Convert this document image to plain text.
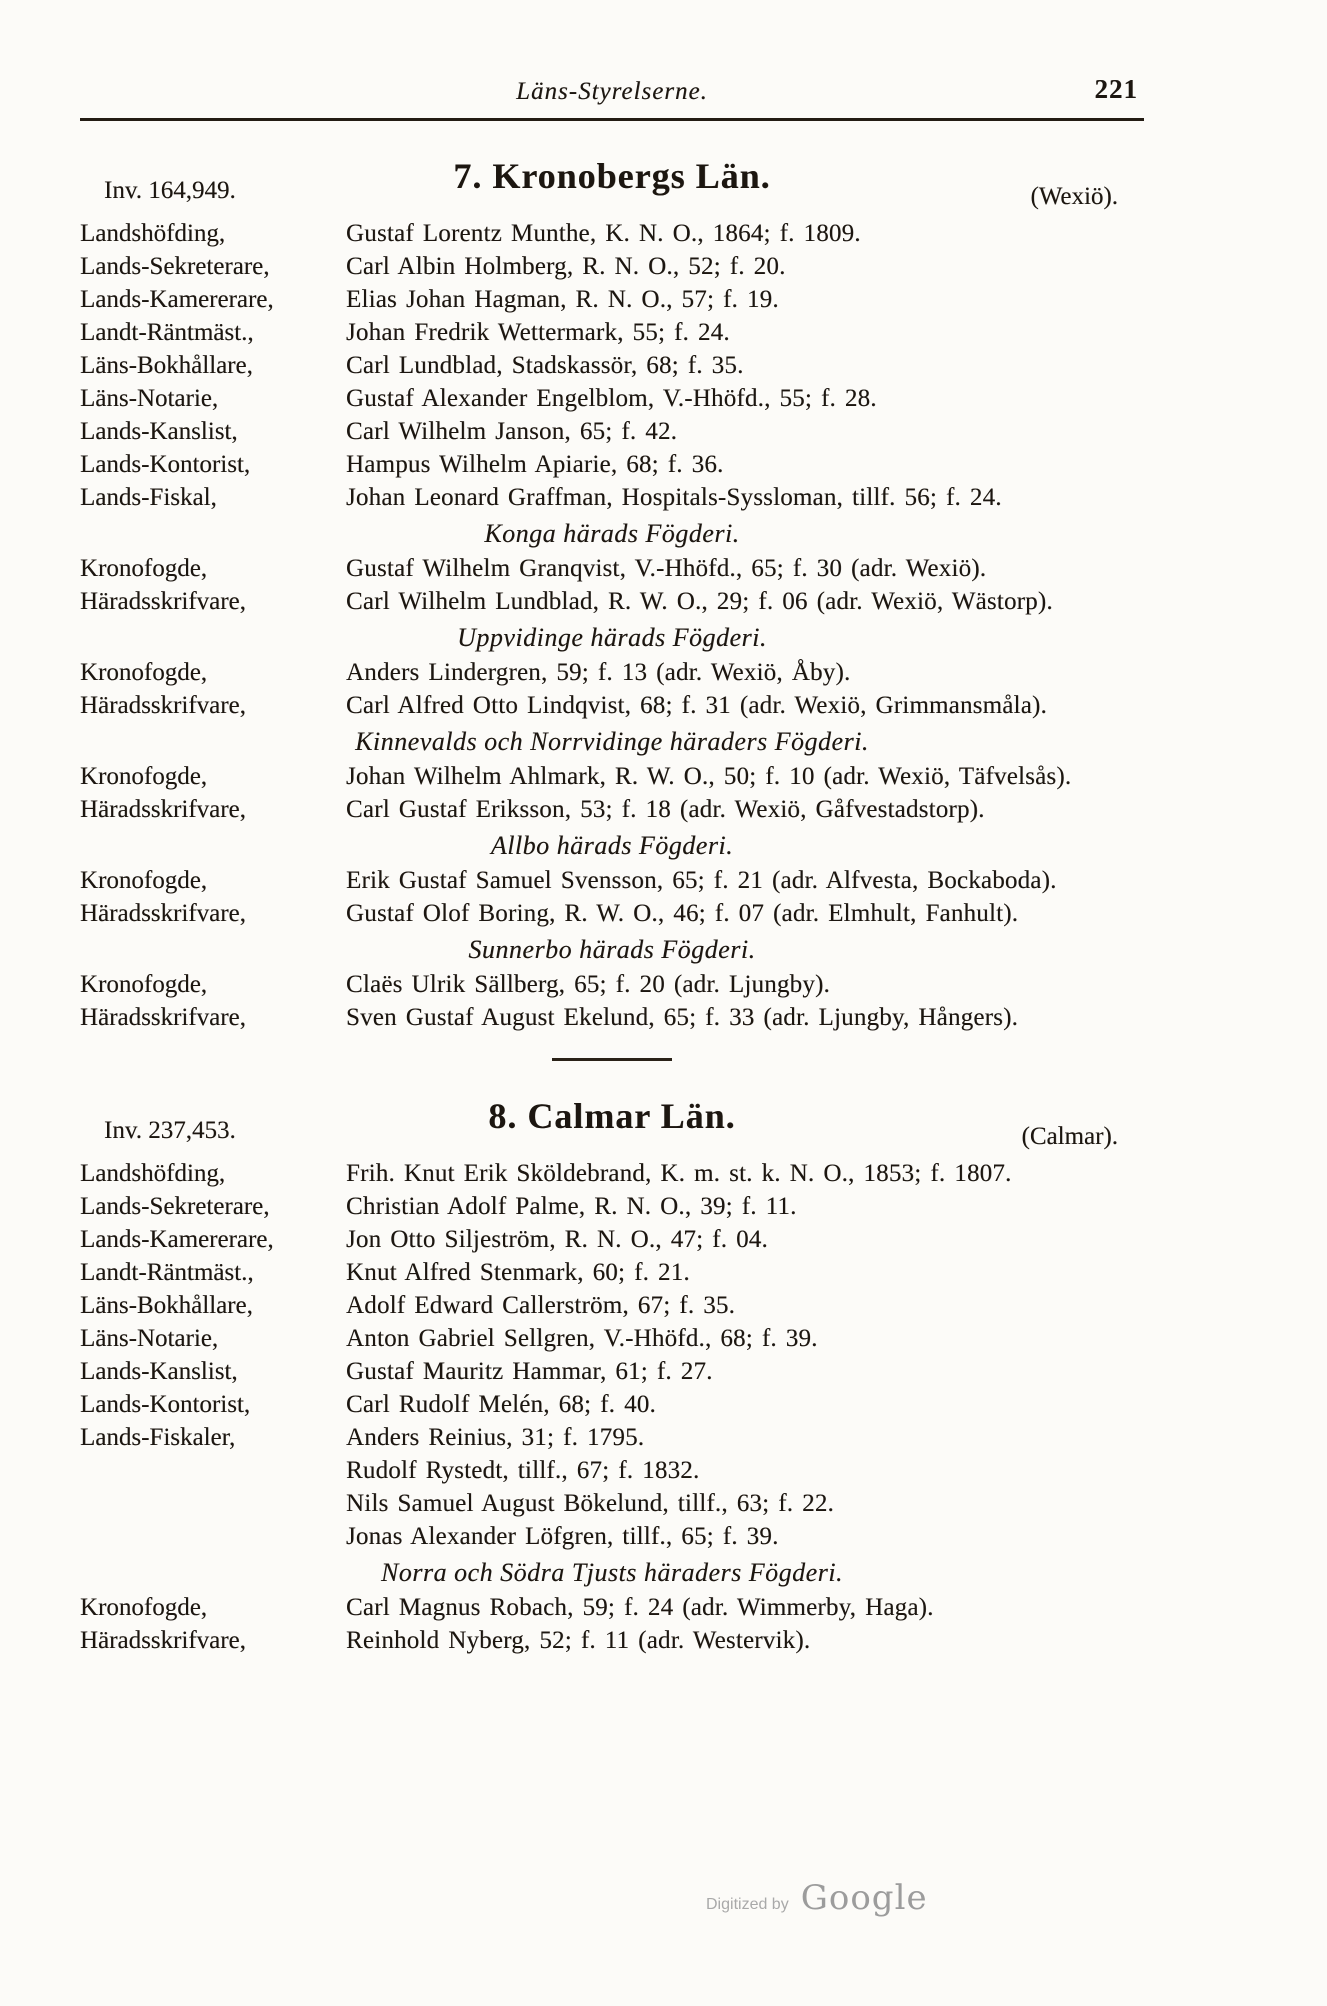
Läns-Styrelserne.	221
Inv. 164,949.	7. Kronobergs Län.
(Wexiö).
Landshöfding,	Gustaf Lorentz Munthe, K. N. O., 1864; f. 1809.
Lands-Sekreterare,	Carl Albin Holmberg, R. N. O., 52; f. 20.
Lands-Kamererare,	Elias Johan Hagman, R. N. O., 57; f. 19.
Landt-Räntmäst.,	Johan Fredrik Wettermark, 55; f. 24.
Läns-Bokhållare,	Carl Lundblad, Stadskassör, 68; f. 35.
Läns-Notarie,	Gustaf Alexander Engelblom, V.-Hhöfd., 55; f. 28.
Lands-Kanslist,	Carl Wilhelm Janson, 65; f. 42.
Lands-Kontorist,	Hampus Wilhelm Apiarie, 68; f. 36.
Lands-Fiskal,	Johan Leonard Graffman, Hospitals-Syssloman, tillf. 56; f. 24.
Konga härads Fögderi.
Kronofogde,	Gustaf Wilhelm Granqvist, V.-Hhöfd., 65; f. 30 (adr. Wexiö).
Häradsskrifvare,	Carl Wilhelm Lundblad, R. W. O., 29; f. 06 (adr. Wexiö, Wästorp).
Uppvidinge härads Fögderi.
Kronofogde,	Anders Lindergren, 59; f. 13 (adr. Wexiö, Åby).
Häradsskrifvare,	Carl Alfred Otto Lindqvist, 68; f. 31 (adr. Wexiö, Grimmansmåla).
Kinnevalds och Norrvidinge häraders Fögderi.
Kronofogde,	Johan Wilhelm Ahlmark, R. W. O., 50; f. 10 (adr. Wexiö, Täfvelsås).
Häradsskrifvare,	Carl Gustaf Eriksson, 53; f. 18 (adr. Wexiö, Gåfvestadstorp).
Allbo härads Fögderi.
Kronofogde,	Erik Gustaf Samuel Svensson, 65; f. 21 (adr. Alfvesta, Bockaboda).
Häradsskrifvare,	Gustaf Olof Boring, R. W. O., 46; f. 07 (adr. Elmhult, Fanhult).
Sunnerbo härads Fögderi.
Kronofogde,	Claës Ulrik Sällberg, 65; f. 20 (adr. Ljungby).
Häradsskrifvare,	Sven Gustaf August Ekelund, 65; f. 33 (adr. Ljungby, Hångers).
Inv. 237,453.	8. Calmar Län.
(Calmar).
Landshöfding,	Frih. Knut Erik Sköldebrand, K. m. st. k. N. O., 1853; f. 1807.
Lands-Sekreterare,	Christian Adolf Palme, R. N. O., 39; f. 11.
Lands-Kamererare,	Jon Otto Siljeström, R. N. O., 47; f. 04.
Landt-Räntmäst.,	Knut Alfred Stenmark, 60; f. 21.
Läns-Bokhållare,	Adolf Edward Callerström, 67; f. 35.
Läns-Notarie,	Anton Gabriel Sellgren, V.-Hhöfd., 68; f. 39.
Lands-Kanslist,	Gustaf Mauritz Hammar, 61; f. 27.
Lands-Kontorist,	Carl Rudolf Melén, 68; f. 40.
Lands-Fiskaler,	Anders Reinius, 31; f. 1795.
Rudolf Rystedt, tillf., 67; f. 1832.
Nils Samuel August Bökelund, tillf., 63; f. 22.
Jonas Alexander Löfgren, tillf., 65; f. 39.
Norra och Södra Tjusts häraders Fögderi.
Kronofogde,	Carl Magnus Robach, 59; f. 24 (adr. Wimmerby, Haga).
Häradsskrifvare,	Reinhold Nyberg, 52; f. 11 (adr. Westervik).
Digitized by Google
